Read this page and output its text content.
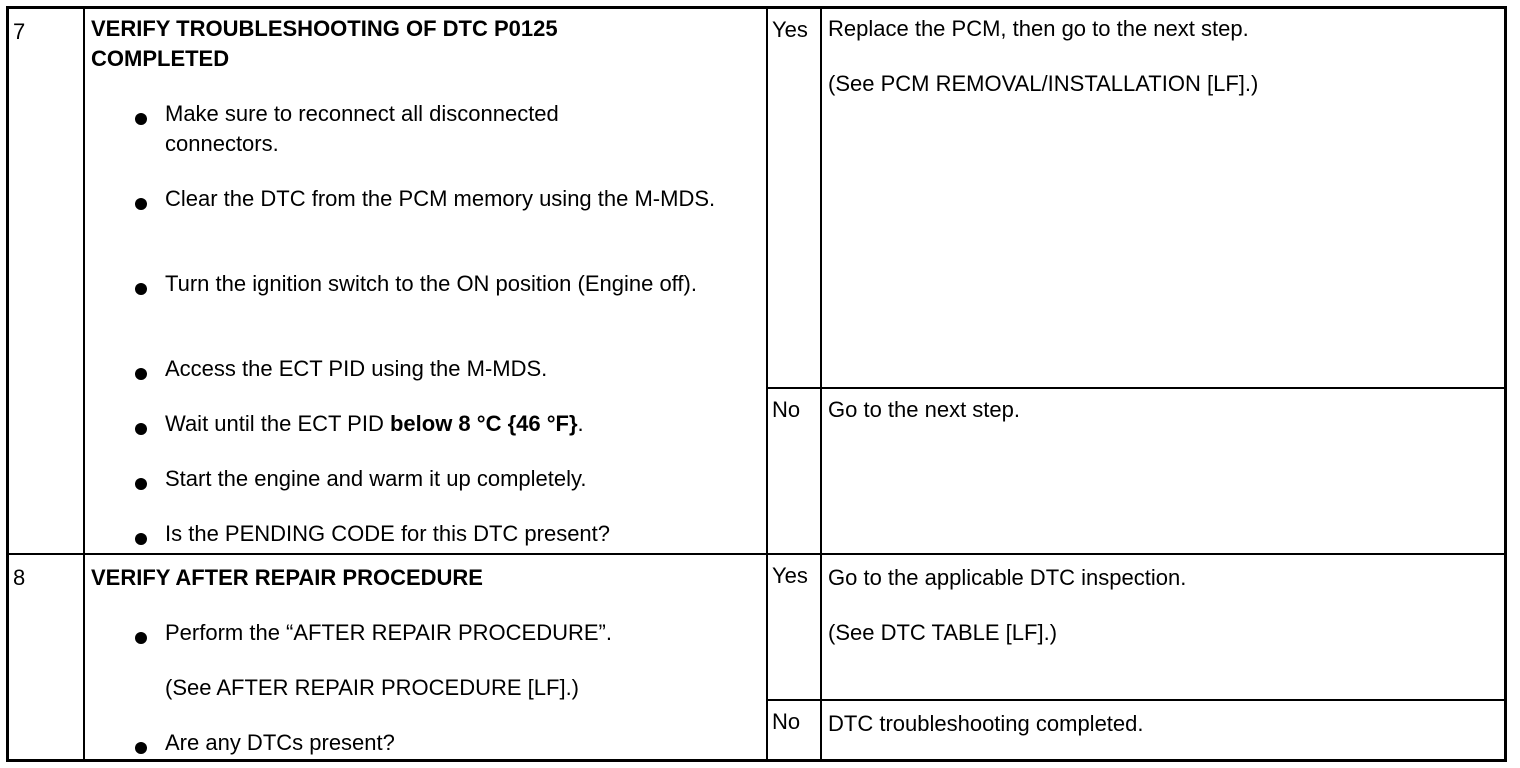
7	VERIFY TROUBLESHOOTING OF DTC P0125
COMPLETED
Make sure to reconnect all disconnected connectors.
Clear the DTC from the PCM memory using the M-MDS.
Turn the ignition switch to the ON position (Engine off).
Access the ECT PID using the M-MDS.
Wait until the ECT PID below 8 °C {46 °F}.
Start the engine and warm it up completely.
Is the PENDING CODE for this DTC present?
Yes Replace the PCM, then go to the next step.
(See PCM REMOVAL/INSTALLATION [LF].)
No Go to the next step.
8	VERIFY AFTER REPAIR PROCEDURE
Perform the “AFTER REPAIR PROCEDURE”.
(See AFTER REPAIR PROCEDURE [LF].)
Are any DTCs present?
Yes Go to the applicable DTC inspection.
(See DTC TABLE [LF].)
No DTC troubleshooting completed.
